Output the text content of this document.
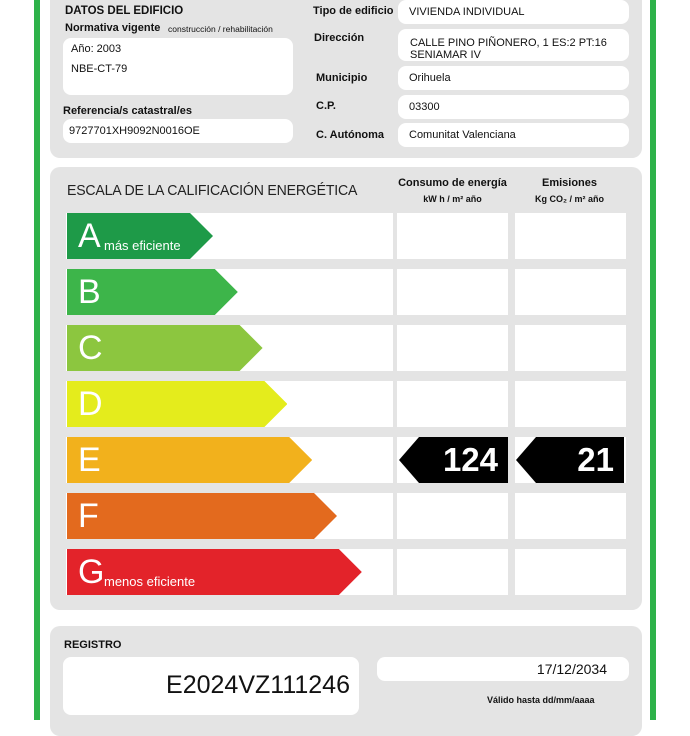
DATOS DEL EDIFICIO
Normativa vigente construcción / rehabilitación
Año: 2003
NBE-CT-79
Referencia/s catastral/es
9727701XH9092N0016OE
Tipo de edificio VIVIENDA INDIVIDUAL
Dirección	CALLE PINO PIÑONERO, 1 ES:2 PT:16
SENIAMAR IV
Municipio	Orihuela
C.P.	03300
C. Autónoma Comunitat Valenciana
ESCALA DE LA CALIFICACIÓN ENERGÉTICA	Consumo de energía
kW h / m² año
Emisiones
Kg CO₂ / m² año
A más eficiente
B
C
D
E	124	21
F
G menos eficiente
REGISTRO
E2024VZ111246
17/12/2034
Válido hasta dd/mm/aaaa
